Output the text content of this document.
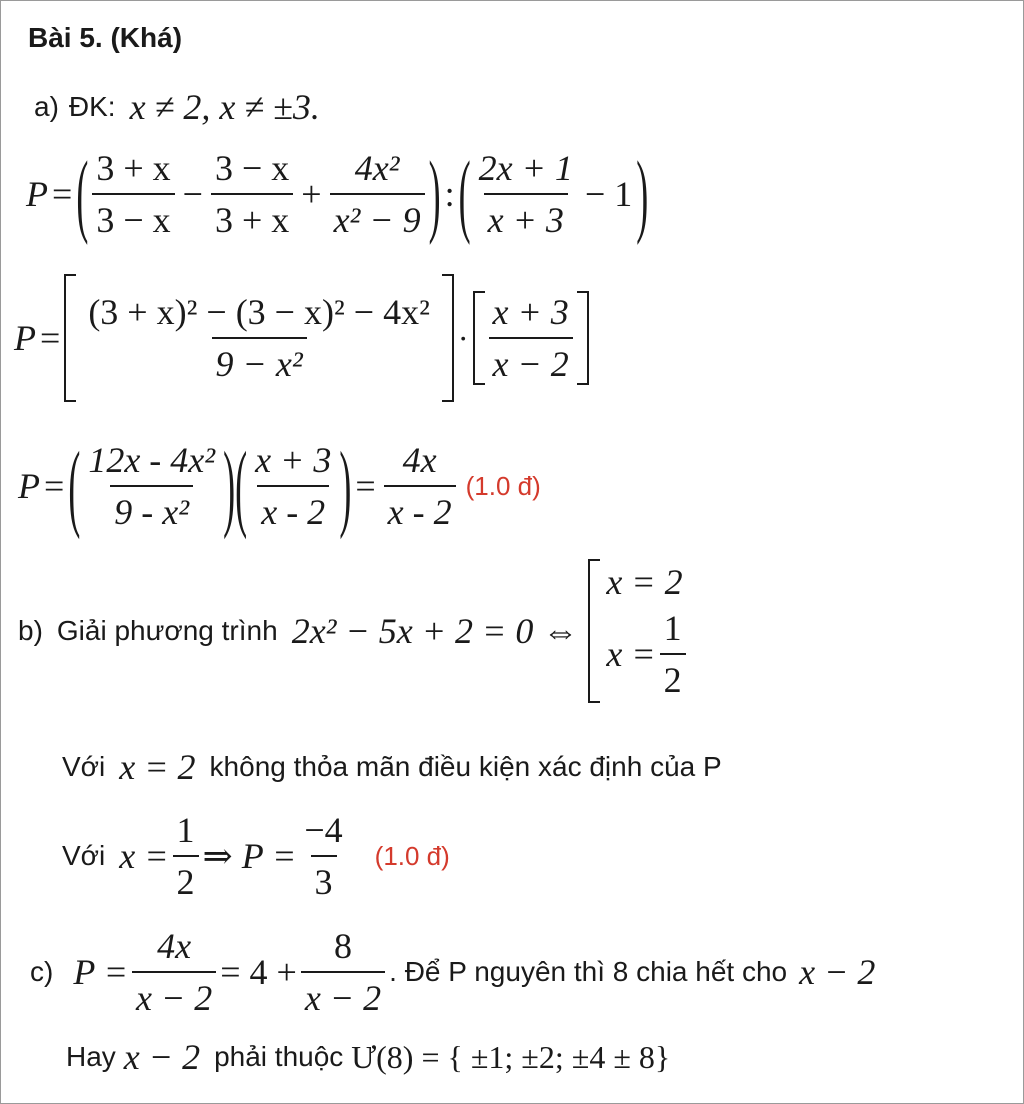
Bài 5. (Khá)
a) ĐK: x ≠ 2, x ≠ ±3.
P = ( $\frac{3 + x}{3 - x} - \frac{3 - x}{3 + x} + \frac{\text{4x²}}{\text{x² − 9}}$ ) : ( $\frac{2x + 1}{x + 3} - 1$ )
$P = \frac{\text{(3 + x)² − (3 − x)² − 4x²}}{\text{9 − x²}} \cdot \frac{x + 3}{x - 2}$
P = ( $\frac{\text{12x - 4x²}}{\text{9 - x²}}$ ) ( $\frac{x + 3}{x - 2}$ ) = $\frac{4x}{x - 2} (1.0$ đ)
b) Giải phương trình 2x² − 5x + 2 = 0 ⇔
x = 2
$x = \frac{1}{2}$
Với x = 2 không thỏa mãn điều kiện xác định của P
Với $x = \frac{1}{2}$ ⇒ $P = \frac{-4}{3} (1.0$ đ)
c) $P = \frac{4x}{x - 2} = 4 + \frac{8}{x - 2}$ . Để P nguyên thì 8 chia hết cho x − 2
Hay x − 2 phải thuộc Ư(8) = { ±1; ±2; ±4 ± 8}
